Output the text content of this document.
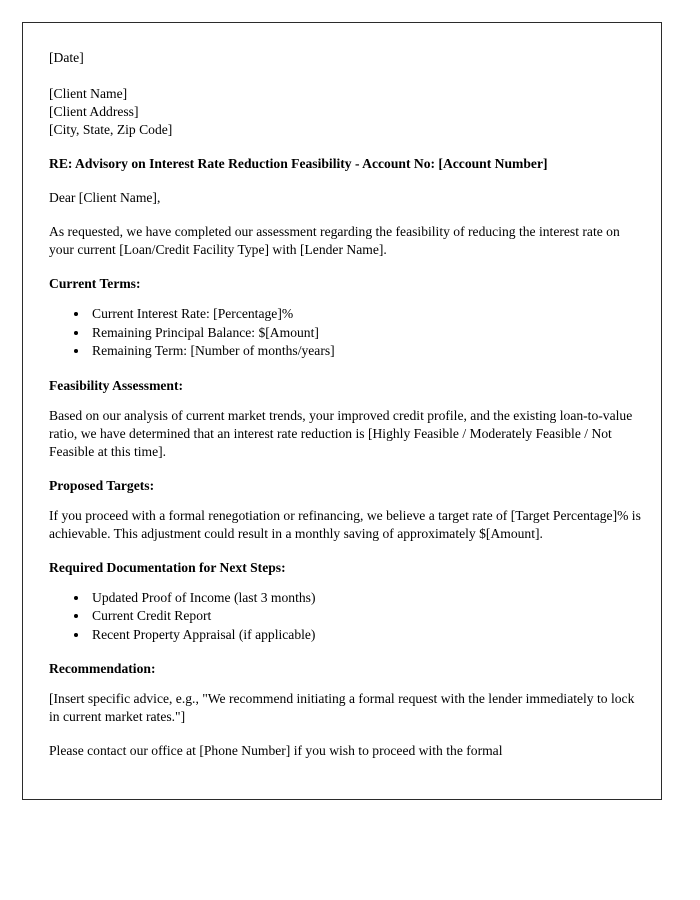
[Date]
[Client Name]
[Client Address]
[City, State, Zip Code]
RE: Advisory on Interest Rate Reduction Feasibility - Account No: [Account Number]
Dear [Client Name],
As requested, we have completed our assessment regarding the feasibility of reducing the interest rate on your current [Loan/Credit Facility Type] with [Lender Name].
Current Terms:
• Current Interest Rate: [Percentage]%
• Remaining Principal Balance: $[Amount]
• Remaining Term: [Number of months/years]
Feasibility Assessment:
Based on our analysis of current market trends, your improved credit profile, and the existing loan-to-value ratio, we have determined that an interest rate reduction is [Highly Feasible / Moderately Feasible / Not Feasible at this time].
Proposed Targets:
If you proceed with a formal renegotiation or refinancing, we believe a target rate of [Target Percentage]% is achievable. This adjustment could result in a monthly saving of approximately $[Amount].
Required Documentation for Next Steps:
• Updated Proof of Income (last 3 months)
• Current Credit Report
• Recent Property Appraisal (if applicable)
Recommendation:
[Insert specific advice, e.g., "We recommend initiating a formal request with the lender immediately to lock in current market rates."]
Please contact our office at [Phone Number] if you wish to proceed with the formal
